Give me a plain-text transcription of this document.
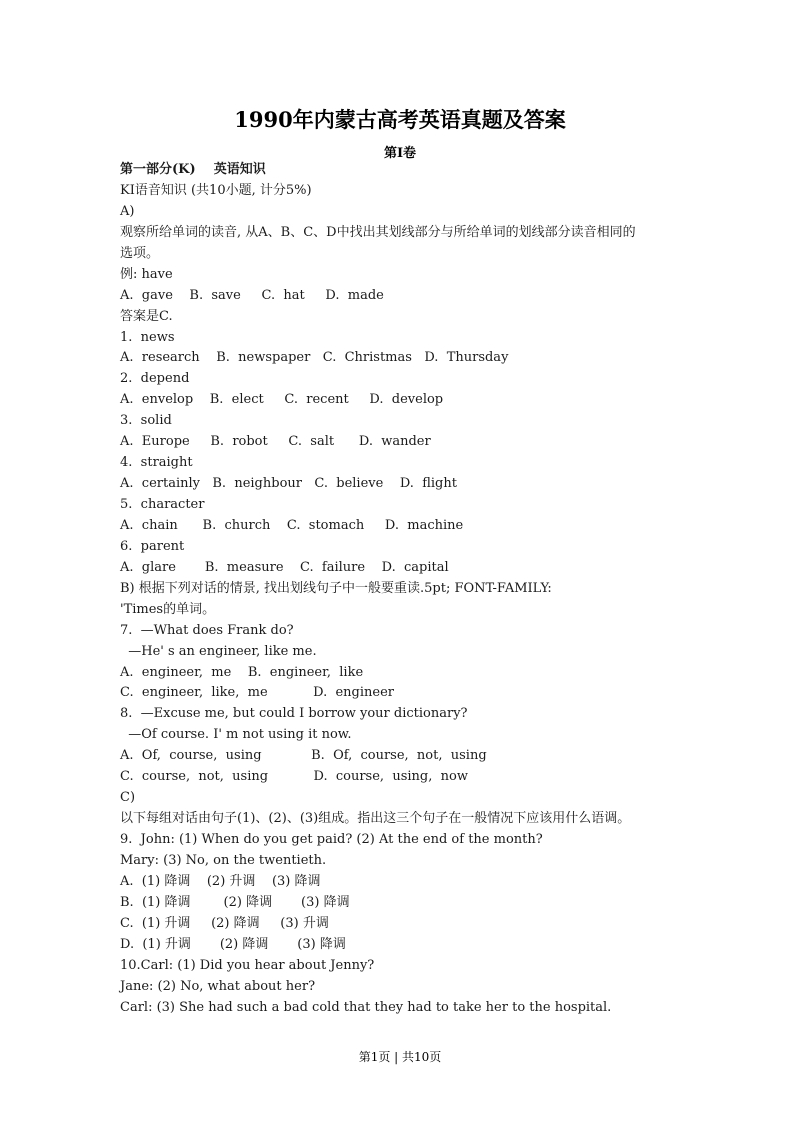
1990年内蒙古高考英语真题及答案
第I卷
第一部分(K)    英语知识
KI语音知识 (共10小题, 计分5%)
A)
观察所给单词的读音, 从A、B、C、D中找出其划线部分与所给单词的划线部分读音相同的
选项。
例: have
A.  gave    B.  save     C.  hat     D.  made
答案是C.
1.  news
A.  research    B.  newspaper   C.  Christmas   D.  Thursday
2.  depend
A.  envelop    B.  elect     C.  recent     D.  develop
3.  solid
A.  Europe     B.  robot     C.  salt      D.  wander
4.  straight
A.  certainly   B.  neighbour   C.  believe    D.  flight
5.  character
A.  chain      B.  church    C.  stomach     D.  machine
6.  parent
A.  glare       B.  measure    C.  failure    D.  capital
B) 根据下列对话的情景, 找出划线句子中一般要重读.5pt; FONT-FAMILY:
'Times的单词。
7.  —What does Frank do?
—He' s an engineer, like me.
A.  engineer,  me    B.  engineer,  like
C.  engineer,  like,  me           D.  engineer
8.  —Excuse me, but could I borrow your dictionary?
—Of course. I' m not using it now.
A.  Of,  course,  using            B.  Of,  course,  not,  using
C.  course,  not,  using           D.  course,  using,  now
C)
以下每组对话由句子(1)、(2)、(3)组成。指出这三个句子在一般情况下应该用什么语调。
9.  John: (1) When do you get paid? (2) At the end of the month?
Mary: (3) No, on the twentieth.
A.  (1) 降调    (2) 升调    (3) 降调
B.  (1) 降调        (2) 降调       (3) 降调
C.  (1) 升调     (2) 降调     (3) 升调
D.  (1) 升调       (2) 降调       (3) 降调
10.Carl: (1) Did you hear about Jenny?
Jane: (2) No, what about her?
Carl: (3) She had such a bad cold that they had to take her to the hospital.
第1页 | 共10页
